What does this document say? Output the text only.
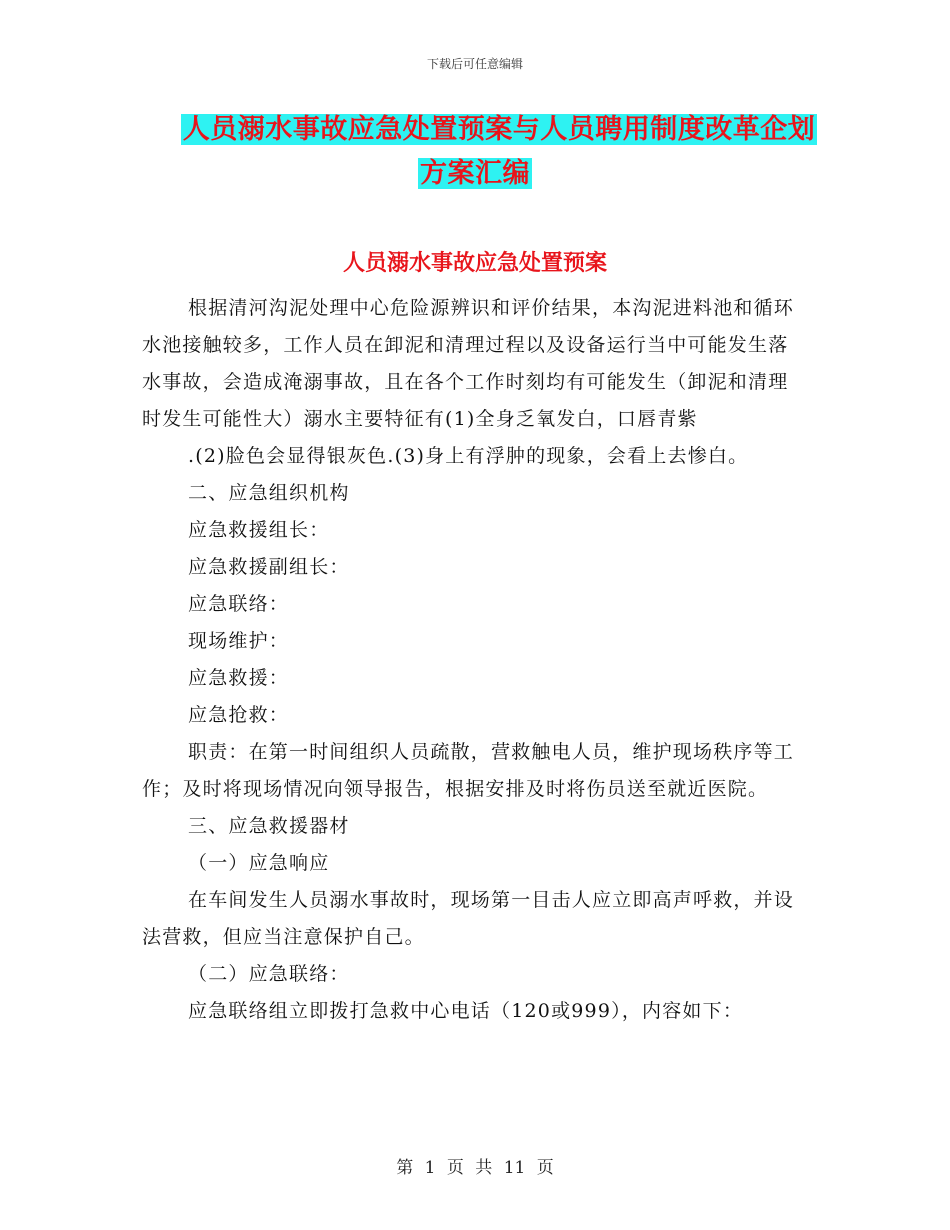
下载后可任意编辑
人员溺水事故应急处置预案与人员聘用制度改革企划
方案汇编
人员溺水事故应急处置预案

根据清河沟泥处理中心危险源辨识和评价结果，本沟泥进料池和循环水池接触较多，工作人员在卸泥和清理过程以及设备运行当中可能发生落水事故，会造成淹溺事故，且在各个工作时刻均有可能发生（卸泥和清理时发生可能性大）溺水主要特征有(1)全身乏氧发白，口唇青紫

.(2)脸色会显得银灰色.(3)身上有浮肿的现象，会看上去惨白。

二、应急组织机构

应急救援组长：

应急救援副组长：

应急联络：

现场维护：

应急救援：

应急抢救：

职责：在第一时间组织人员疏散，营救触电人员，维护现场秩序等工作；及时将现场情况向领导报告，根据安排及时将伤员送至就近医院。

三、应急救援器材

（一）应急响应

在车间发生人员溺水事故时，现场第一目击人应立即高声呼救，并设法营救，但应当注意保护自己。

（二）应急联络：

应急联络组立即拨打急救中心电话（120或999），内容如下：

第 1 页 共 11 页
